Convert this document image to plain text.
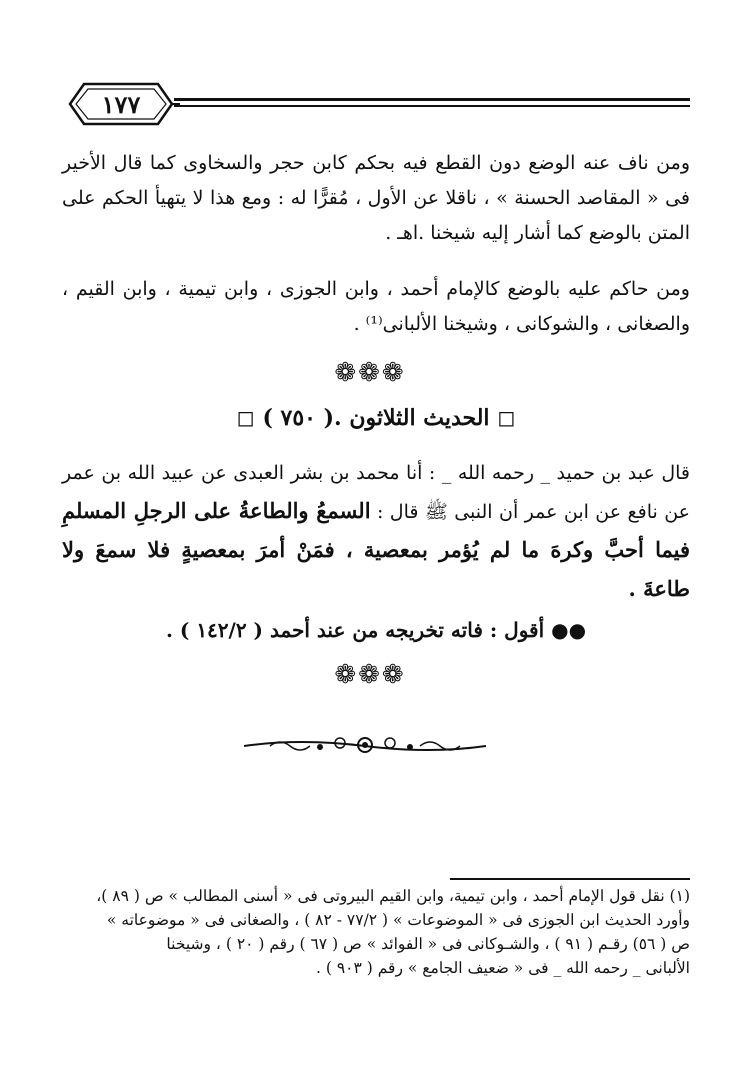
١٧٧
ومن ناف عنه الوضع دون القطع فيه بحكم كابن حجر والسخاوى كما قال الأخير فى « المقاصد الحسنة » ، ناقلا عن الأول ، مُقرًّا له : ومع هذا لا يتهيأ الحكم على المتن بالوضع كما أشار إليه شيخنا .اهـ .
ومن حاكم عليه بالوضع كالإمام أحمد ، وابن الجوزى ، وابن تيمية ، وابن القيم ، والصغانى ، والشوكانى ، وشيخنا الألبانى⁽¹⁾ .
❁❁❁
◻ الحديث الثلاثون .( ٧٥٠ ) ◻
قال عبد بن حميد _ رحمه الله _ : أنا محمد بن بشر العبدى عن عبيد الله بن عمر عن نافع عن ابن عمر أن النبى ﷺ قال : السمعُ والطاعةُ على الرجلِ المسلمِ فيما أحبَّ وكرهَ ما لم يُؤمر بمعصية ، فمَنْ أمرَ بمعصيةٍ فلا سمعَ ولا طاعةَ .
●● أقول : فاته تخريجه من عند أحمد ( ١٤٢/٢ ) .
❁❁❁
(١) نقل قول الإمام أحمد ، وابن تيمية، وابن القيم البيروتى فى « أسنى المطالب » ص ( ٨٩ )،
وأورد الحديث ابن الجوزى فى « الموضوعات » ( ٧٧/٢ - ٨٢ ) ، والصغانى فى « موضوعاته »
ص ( ٥٦) رقـم ( ٩١ ) ، والشـوكانى فى « الفوائد » ص ( ٦٧ ) رقم ( ٢٠ ) ، وشيخنا
الألبانى _ رحمه الله _ فى « ضعيف الجامع » رقم ( ٩٠٣ ) .
